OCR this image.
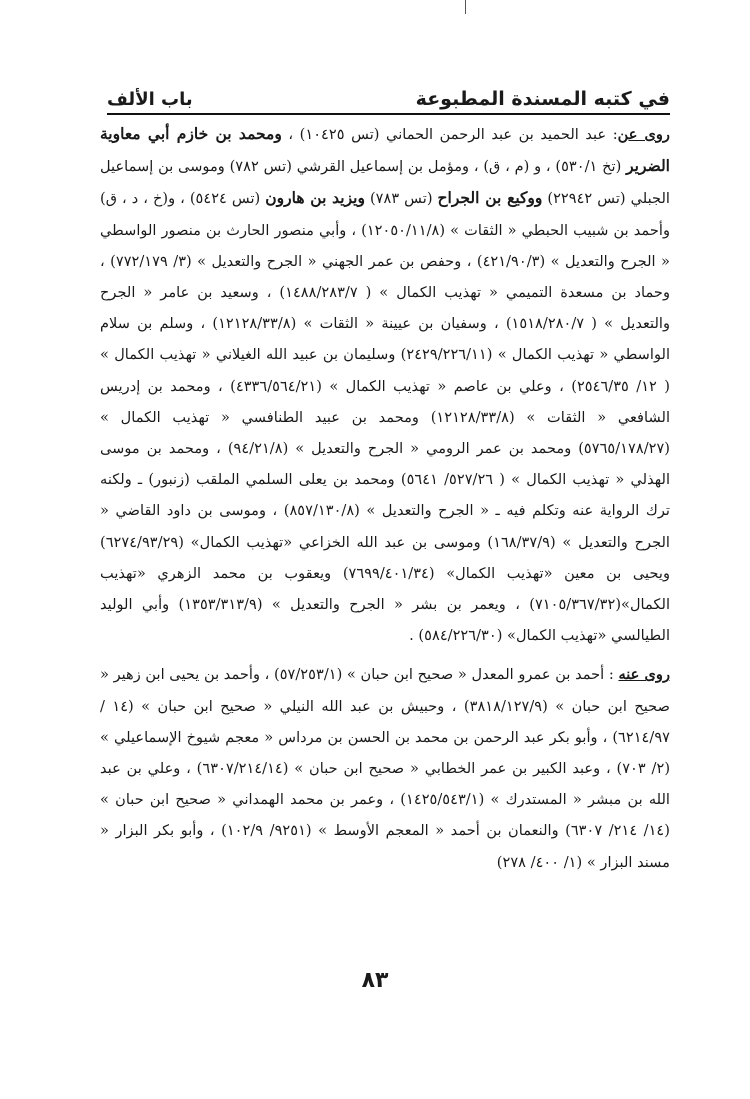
في كتبه المسندة المطبوعة
باب الألف

روى عن: عبد الحميد بن عبد الرحمن الحماني (تس ١٠٤٢٥) ، ومحمد بن خازم أبي معاوية الضرير (تخ ٥٣٠/١) ، و (م ، ق) ، ومؤمل بن إسماعيل القرشي (تس ٧٨٢) وموسى بن إسماعيل الجبلي (تس ٢٢٩٤٢) ووكيع بن الجراح (تس ٧٨٣) ويزيد بن هارون (تس ٥٤٢٤) ، و(خ ، د ، ق) وأحمد بن شبيب الحبطي « الثقات » (١٢٠٥٠/١١/٨) ، وأبي منصور الحارث بن منصور الواسطي « الجرح والتعديل » (٤٢١/٩٠/٣) ، وحفص بن عمر الجهني « الجرح والتعديل » (٣/ ٧٧٢/١٧٩) ، وحماد بن مسعدة التميمي « تهذيب الكمال » ( ١٤٨٨/٢٨٣/٧) ، وسعيد بن عامر « الجرح والتعديل » ( ١٥١٨/٢٨٠/٧) ، وسفيان بن عيينة « الثقات » (١٢١٢٨/٣٣/٨) ، وسلم بن سلام الواسطي « تهذيب الكمال » (٢٤٢٩/٢٢٦/١١) وسليمان بن عبيد الله الغيلاني « تهذيب الكمال » ( ١٢/ ٢٥٤٦/٣٥) ، وعلي بن عاصم « تهذيب الكمال » (٤٣٣٦/٥٦٤/٢١) ، ومحمد بن إدريس الشافعي « الثقات » (١٢١٢٨/٣٣/٨) ومحمد بن عبيد الطنافسي « تهذيب الكمال » (٥٧٦٥/١٧٨/٢٧) ومحمد بن عمر الرومي « الجرح والتعديل » (٩٤/٢١/٨) ، ومحمد بن موسى الهذلي « تهذيب الكمال » ( ٥٢٧/٢٦/ ٥٦٤١) ومحمد بن يعلى السلمي الملقب (زنبور) ـ ولكنه ترك الرواية عنه وتكلم فيه ـ « الجرح والتعديل » (٨٥٧/١٣٠/٨) ، وموسى بن داود القاضي « الجرح والتعديل » (١٦٨/٣٧/٩) وموسى بن عبد الله الخزاعي «تهذيب الكمال» (٦٢٧٤/٩٣/٢٩) ويحيى بن معين «تهذيب الكمال» (٧٦٩٩/٤٠١/٣٤) ويعقوب بن محمد الزهري «تهذيب الكمال»(٧١٠٥/٣٦٧/٣٢) ، ويعمر بن بشر « الجرح والتعديل » (١٣٥٣/٣١٣/٩) وأبي الوليد الطيالسي «تهذيب الكمال» (٥٨٤/٢٢٦/٣٠) .

روى عنه : أحمد بن عمرو المعدل « صحيح ابن حبان » (٥٧/٢٥٣/١) ، وأحمد بن يحيى ابن زهير « صحيح ابن حبان » (٣٨١٨/١٢٧/٩) ، وحبيش بن عبد الله النيلي « صحيح ابن حبان » (١٤ /٦٢١٤/٩٧) ، وأبو بكر عبد الرحمن بن محمد بن الحسن بن مرداس « معجم شيوخ الإسماعيلي » (٢/ ٧٠٣) ، وعبد الكبير بن عمر الخطابي « صحيح ابن حبان » (٦٣٠٧/٢١٤/١٤) ، وعلي بن عبد الله بن مبشر « المستدرك » (١٤٢٥/٥٤٣/١) ، وعمر بن محمد الهمداني « صحيح ابن حبان » (١٤/ ٢١٤/ ٦٣٠٧) والنعمان بن أحمد « المعجم الأوسط » (٩٢٥١/ ١٠٢/٩) ، وأبو بكر البزار « مسند البزار » (١/ ٤٠٠/ ٢٧٨)

٨٣
